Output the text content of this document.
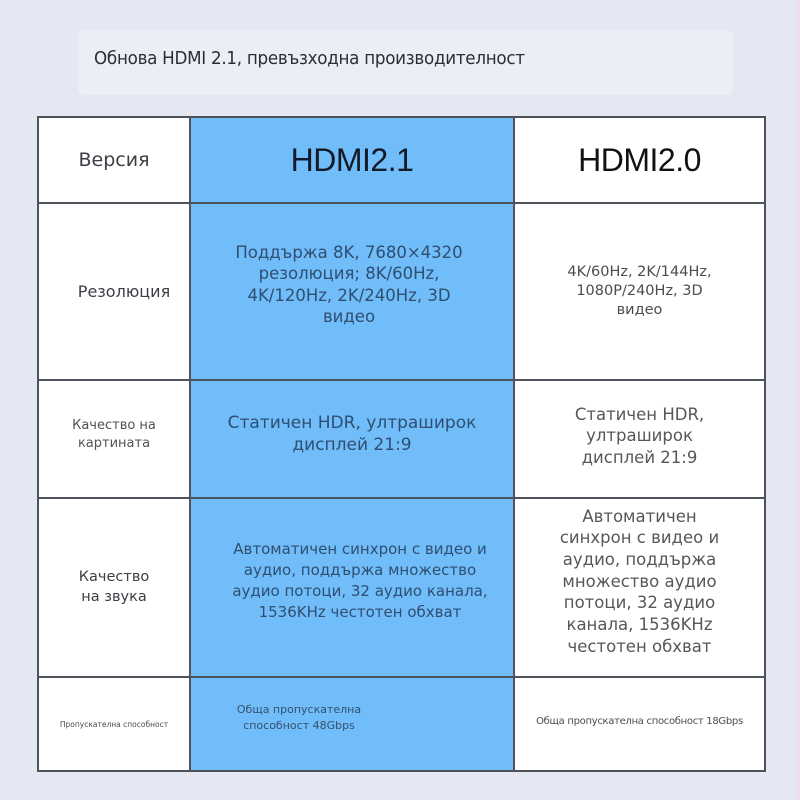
Обнова HDMI 2.1, превъзходна производителност
Версия	HDMI2.1	HDMI2.0

Резолюция	Поддържа 8K, 7680×4320 резолюция; 8K/60Hz, 4K/120Hz, 2K/240Hz, 3D видео	4K/60Hz, 2K/144Hz, 1080P/240Hz, 3D видео

Качество на картината	Статичен HDR, ултраширок дисплей 21:9	Статичен HDR, ултраширок дисплей 21:9

Качество на звука	Автоматичен синхрон с видео и аудио, поддържа множество аудио потоци, 32 аудио канала, 1536KHz честотен обхват	Автоматичен синхрон с видео и аудио, поддържа множество аудио потоци, 32 аудио канала, 1536KHz честотен обхват

Пропускателна способност	Обща пропускателна способност 48Gbps	Обща пропускателна способност 18Gbps
